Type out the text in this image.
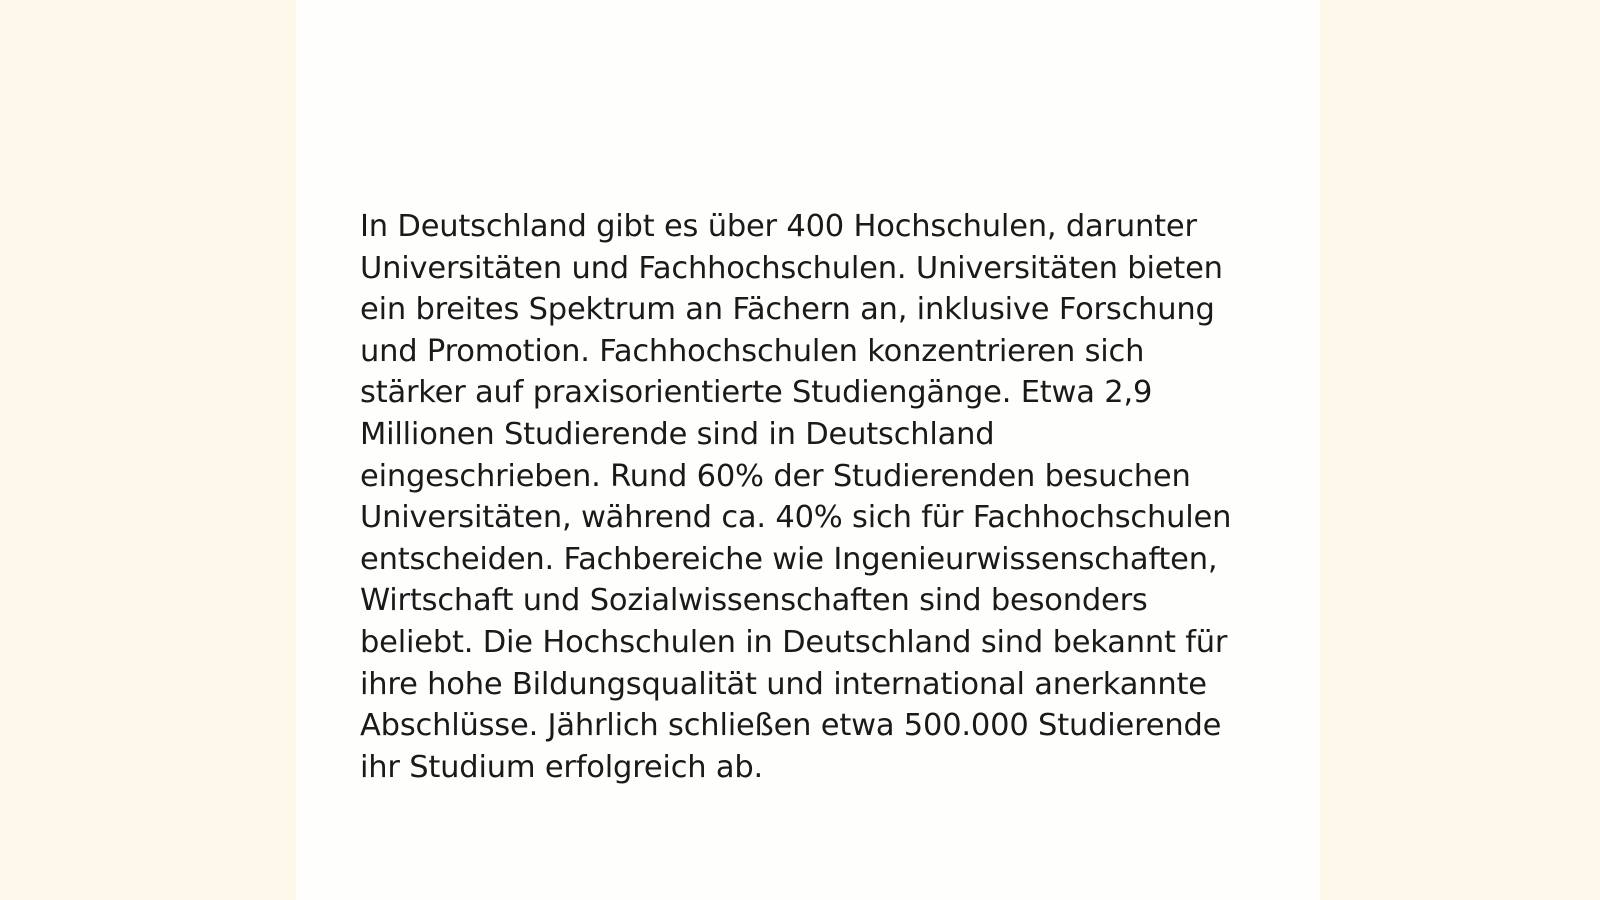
In Deutschland gibt es über 400 Hochschulen, darunter Universitäten und Fachhochschulen. Universitäten bieten ein breites Spektrum an Fächern an, inklusive Forschung und Promotion. Fachhochschulen konzentrieren sich stärker auf praxisorientierte Studiengänge. Etwa 2,9 Millionen Studierende sind in Deutschland eingeschrieben. Rund 60% der Studierenden besuchen Universitäten, während ca. 40% sich für Fachhochschulen entscheiden. Fachbereiche wie Ingenieurwissenschaften, Wirtschaft und Sozialwissenschaften sind besonders beliebt. Die Hochschulen in Deutschland sind bekannt für ihre hohe Bildungsqualität und international anerkannte Abschlüsse. Jährlich schließen etwa 500.000 Studierende ihr Studium erfolgreich ab.
